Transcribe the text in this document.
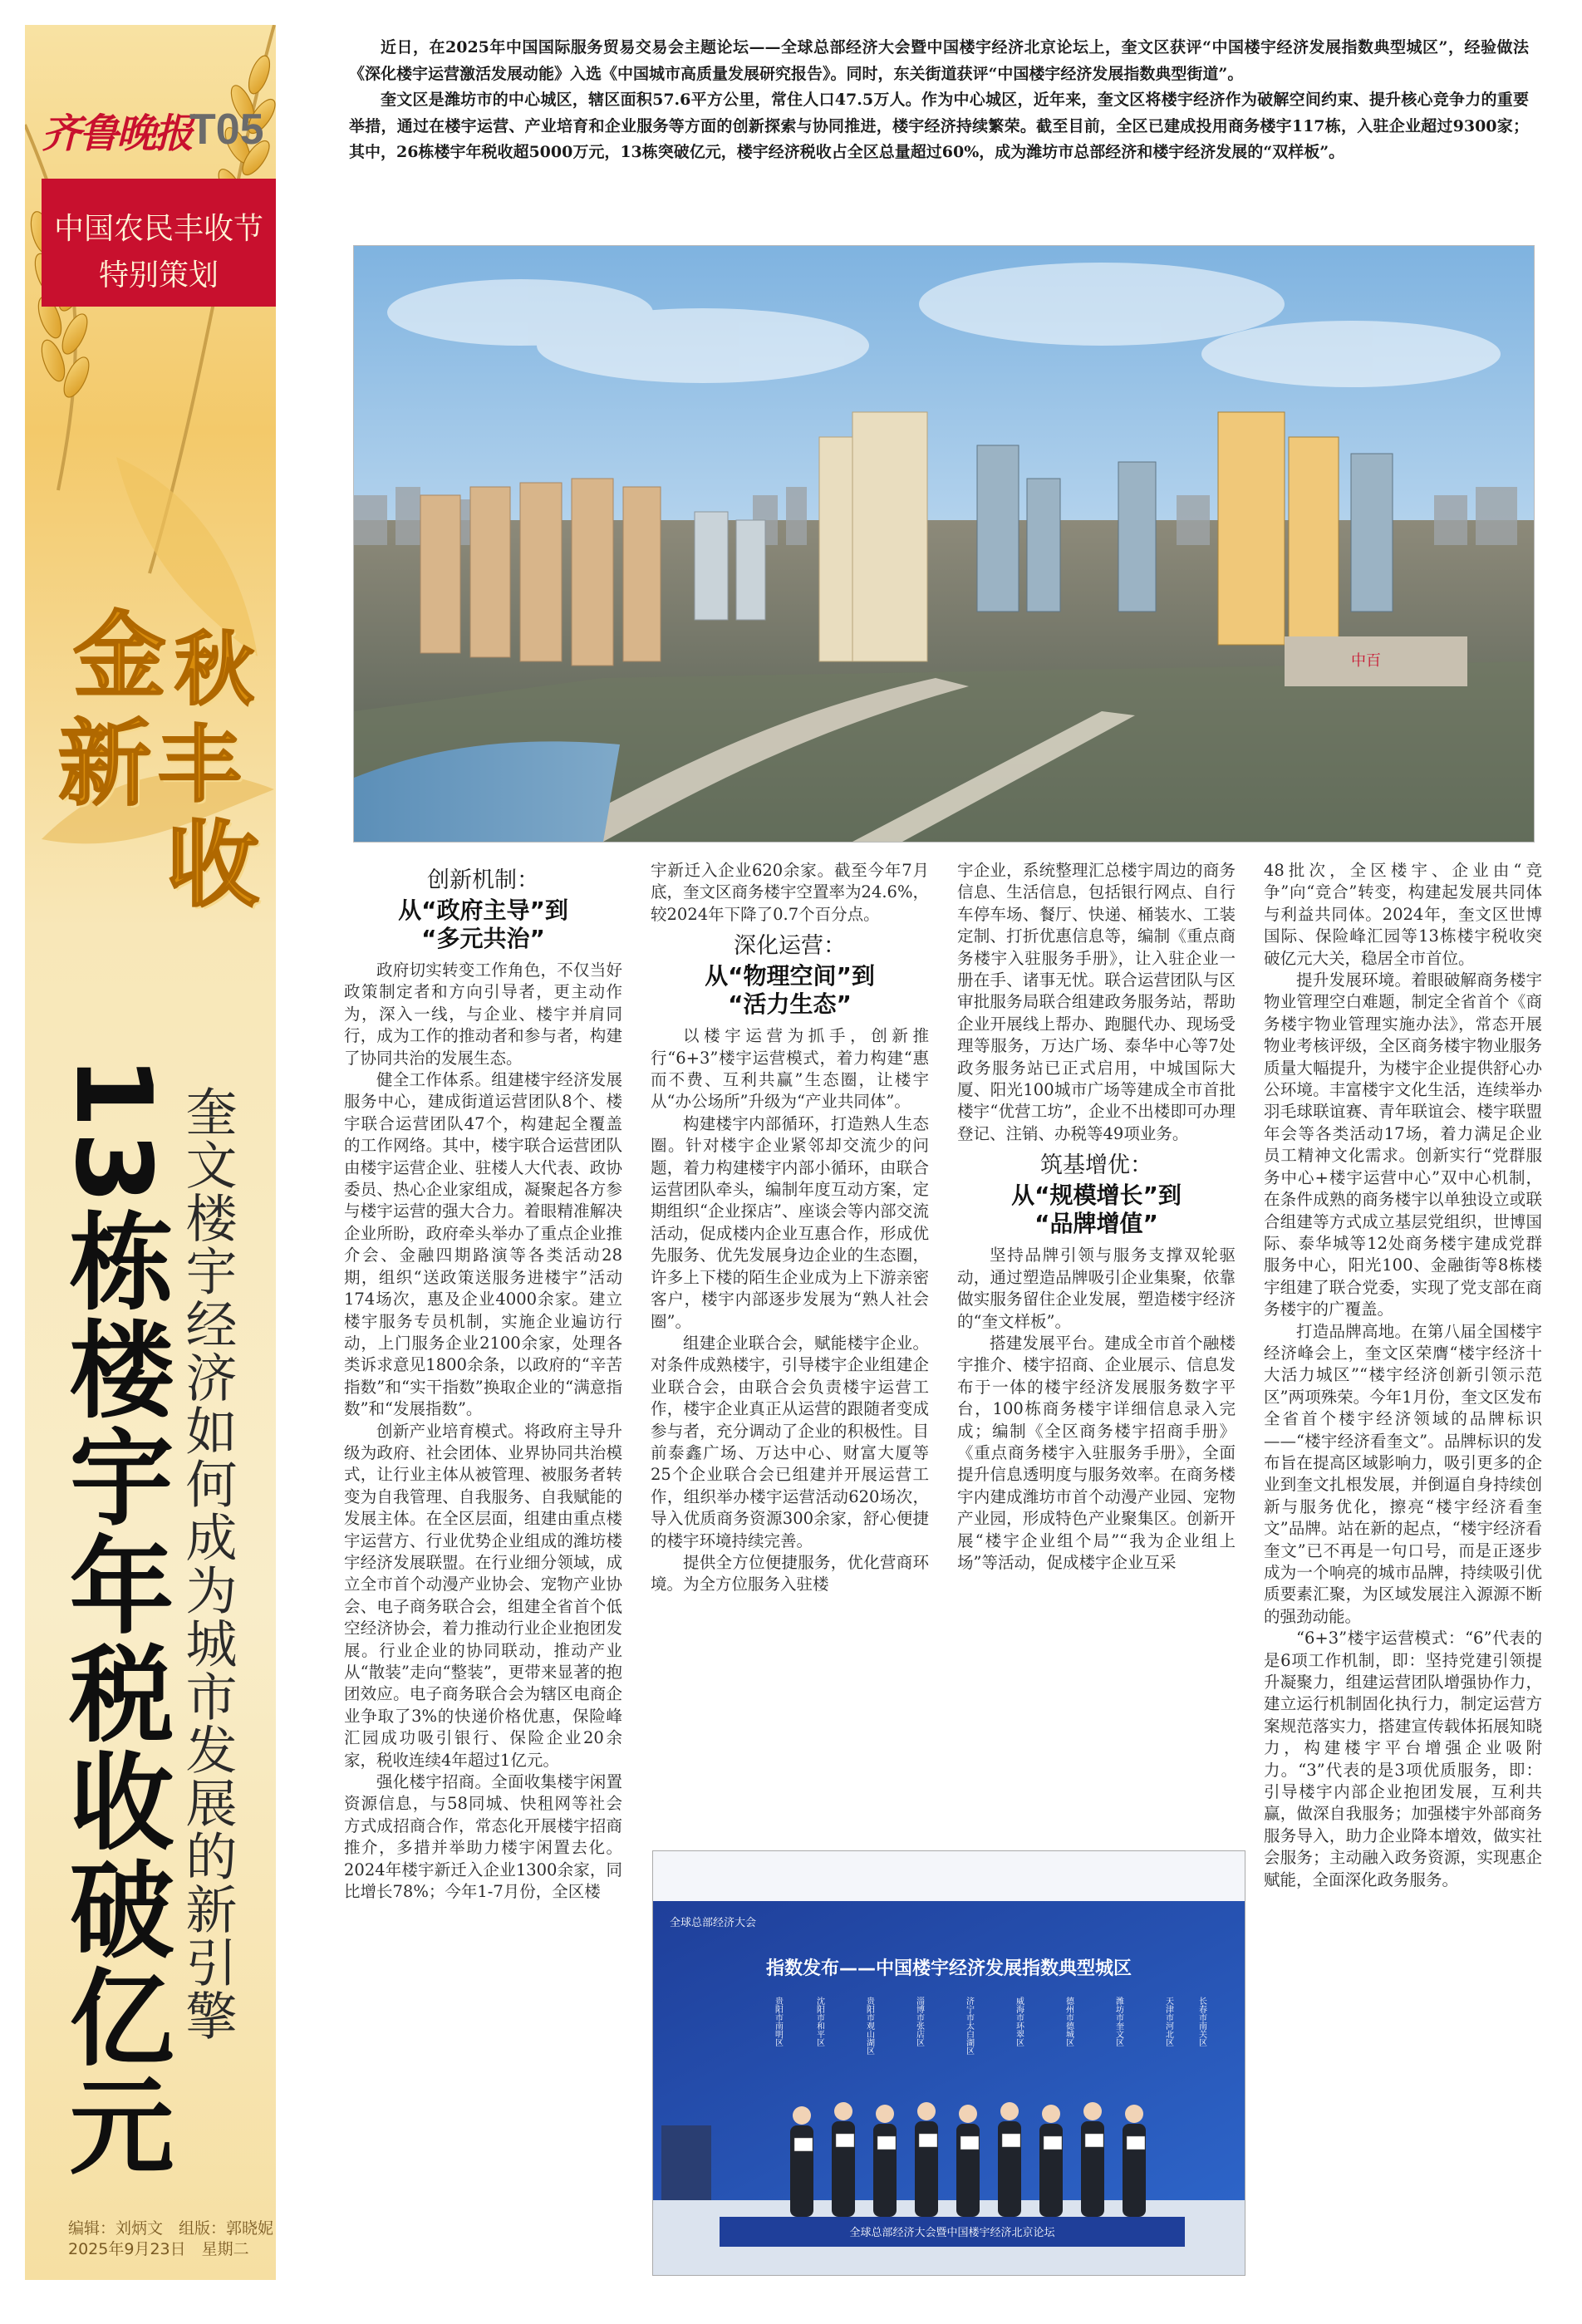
齐鲁晚报
T05
中国农民丰收节
特别策划
金 秋
新 丰
收
编辑：刘炳文　组版：郭晓妮
2025年9月23日　星期二
13栋楼宇年税收破亿元 奎文楼宇经济如何成为城市发展的新引擎

近日，在2025年中国国际服务贸易交易会主题论坛——全球总部经济大会暨中国楼宇经济北京论坛上，奎文区获评“中国楼宇经济发展指数典型城区”，经验做法《深化楼宇运营激活发展动能》入选《中国城市高质量发展研究报告》。同时，东关街道获评“中国楼宇经济发展指数典型街道”。

奎文区是潍坊市的中心城区，辖区面积57.6平方公里，常住人口47.5万人。作为中心城区，近年来，奎文区将楼宇经济作为破解空间约束、提升核心竞争力的重要举措，通过在楼宇运营、产业培育和企业服务等方面的创新探索与协同推进，楼宇经济持续繁荣。截至目前，全区已建成投用商务楼宇117栋，入驻企业超过9300家；其中，26栋楼宇年税收超5000万元，13栋突破亿元，楼宇经济税收占全区总量超过60%，成为潍坊市总部经济和楼宇经济发展的“双样板”。

中百
创新机制：
从“政府主导”到
“多元共治”

政府切实转变工作角色，不仅当好政策制定者和方向引导者，更主动作为，深入一线，与企业、楼宇并肩同行，成为工作的推动者和参与者，构建了协同共治的发展生态。

健全工作体系。组建楼宇经济发展服务中心，建成街道运营团队8个、楼宇联合运营团队47个，构建起全覆盖的工作网络。其中，楼宇联合运营团队由楼宇运营企业、驻楼人大代表、政协委员、热心企业家组成，凝聚起各方参与楼宇运营的强大合力。着眼精准解决企业所盼，政府牵头举办了重点企业推介会、金融四期路演等各类活动28期，组织“送政策送服务进楼宇”活动174场次，惠及企业4000余家。建立楼宇服务专员机制，实施企业遍访行动，上门服务企业2100余家，处理各类诉求意见1800余条，以政府的“辛苦指数”和“实干指数”换取企业的“满意指数”和“发展指数”。

创新产业培育模式。将政府主导升级为政府、社会团体、业界协同共治模式，让行业主体从被管理、被服务者转变为自我管理、自我服务、自我赋能的发展主体。在全区层面，组建由重点楼宇运营方、行业优势企业组成的潍坊楼宇经济发展联盟。在行业细分领域，成立全市首个动漫产业协会、宠物产业协会、电子商务联合会，组建全省首个低空经济协会，着力推动行业企业抱团发展。行业企业的协同联动，推动产业从“散装”走向“整装”，更带来显著的抱团效应。电子商务联合会为辖区电商企业争取了3%的快递价格优惠，保险峰汇园成功吸引银行、保险企业20余家，税收连续4年超过1亿元。

强化楼宇招商。全面收集楼宇闲置资源信息，与58同城、快租网等社会方式成招商合作，常态化开展楼宇招商推介，多措并举助力楼宇闲置去化。2024年楼宇新迁入企业1300余家，同比增长78%；今年1-7月份，全区楼

宇新迁入企业620余家。截至今年7月底，奎文区商务楼宇空置率为24.6%，较2024年下降了0.7个百分点。

深化运营：
从“物理空间”到
“活力生态”

以楼宇运营为抓手，创新推行“6+3”楼宇运营模式，着力构建“惠而不费、互利共赢”生态圈，让楼宇从“办公场所”升级为“产业共同体”。

构建楼宇内部循环，打造熟人生态圈。针对楼宇企业紧邻却交流少的问题，着力构建楼宇内部小循环，由联合运营团队牵头，编制年度互动方案，定期组织“企业探店”、座谈会等内部交流活动，促成楼内企业互惠合作，形成优先服务、优先发展身边企业的生态圈，许多上下楼的陌生企业成为上下游亲密客户，楼宇内部逐步发展为“熟人社会圈”。

组建企业联合会，赋能楼宇企业。对条件成熟楼宇，引导楼宇企业组建企业联合会，由联合会负责楼宇运营工作，楼宇企业真正从运营的跟随者变成参与者，充分调动了企业的积极性。目前泰鑫广场、万达中心、财富大厦等25个企业联合会已组建并开展运营工作，组织举办楼宇运营活动620场次，导入优质商务资源300余家，舒心便捷的楼宇环境持续完善。

提供全方位便捷服务，优化营商环境。为全方位服务入驻楼

宇企业，系统整理汇总楼宇周边的商务信息、生活信息，包括银行网点、自行车停车场、餐厅、快递、桶装水、工装定制、打折优惠信息等，编制《重点商务楼宇入驻服务手册》，让入驻企业一册在手、诸事无忧。联合运营团队与区审批服务局联合组建政务服务站，帮助企业开展线上帮办、跑腿代办、现场受理等服务，万达广场、泰华中心等7处政务服务站已正式启用，中城国际大厦、阳光100城市广场等建成全市首批楼宇“优营工坊”，企业不出楼即可办理登记、注销、办税等49项业务。

筑基增优：
从“规模增长”到
“品牌增值”

坚持品牌引领与服务支撑双轮驱动，通过塑造品牌吸引企业集聚，依靠做实服务留住企业发展，塑造楼宇经济的“奎文样板”。

搭建发展平台。建成全市首个融楼宇推介、楼宇招商、企业展示、信息发布于一体的楼宇经济发展服务数字平台，100栋商务楼宇详细信息录入完成；编制《全区商务楼宇招商手册》《重点商务楼宇入驻服务手册》，全面提升信息透明度与服务效率。在商务楼宇内建成潍坊市首个动漫产业园、宠物产业园，形成特色产业聚集区。创新开展“楼宇企业组个局”“我为企业组上场”等活动，促成楼宇企业互采

48批次，全区楼宇、企业由“竞争”向“竞合”转变，构建起发展共同体与利益共同体。2024年，奎文区世博国际、保险峰汇园等13栋楼宇税收突破亿元大关，稳居全市首位。

提升发展环境。着眼破解商务楼宇物业管理空白难题，制定全省首个《商务楼宇物业管理实施办法》，常态开展物业考核评级，全区商务楼宇物业服务质量大幅提升，为楼宇企业提供舒心办公环境。丰富楼宇文化生活，连续举办羽毛球联谊赛、青年联谊会、楼宇联盟年会等各类活动17场，着力满足企业员工精神文化需求。创新实行“党群服务中心+楼宇运营中心”双中心机制，在条件成熟的商务楼宇以单独设立或联合组建等方式成立基层党组织，世博国际、泰华城等12处商务楼宇建成党群服务中心，阳光100、金融街等8栋楼宇组建了联合党委，实现了党支部在商务楼宇的广覆盖。

打造品牌高地。在第八届全国楼宇经济峰会上，奎文区荣膺“楼宇经济十大活力城区”“楼宇经济创新引领示范区”两项殊荣。今年1月份，奎文区发布全省首个楼宇经济领域的品牌标识——“楼宇经济看奎文”。品牌标识的发布旨在提高区域影响力，吸引更多的企业到奎文扎根发展，并倒逼自身持续创新与服务优化，擦亮“楼宇经济看奎文”品牌。站在新的起点，“楼宇经济看奎文”已不再是一句口号，而是正逐步成为一个响亮的城市品牌，持续吸引优质要素汇聚，为区域发展注入源源不断的强劲动能。

“6+3”楼宇运营模式：“6”代表的是6项工作机制，即：坚持党建引领提升凝聚力，组建运营团队增强协作力，建立运行机制固化执行力，制定运营方案规范落实力，搭建宣传载体拓展知晓力，构建楼宇平台增强企业吸附力。“3”代表的是3项优质服务，即：引导楼宇内部企业抱团发展，互利共赢，做深自我服务；加强楼宇外部商务服务导入，助力企业降本增效，做实社会服务；主动融入政务资源，实现惠企赋能，全面深化政务服务。

全球总部经济大会
指数发布——中国楼宇经济发展指数典型城区
长春市南关区
天津市河北区
潍坊市奎文区
德州市德城区
威海市环翠区
济宁市太白湖区
淄博市张店区
贵阳市观山湖区
沈阳市和平区
贵阳市南明区
全球总部经济大会暨中国楼宇经济北京论坛
